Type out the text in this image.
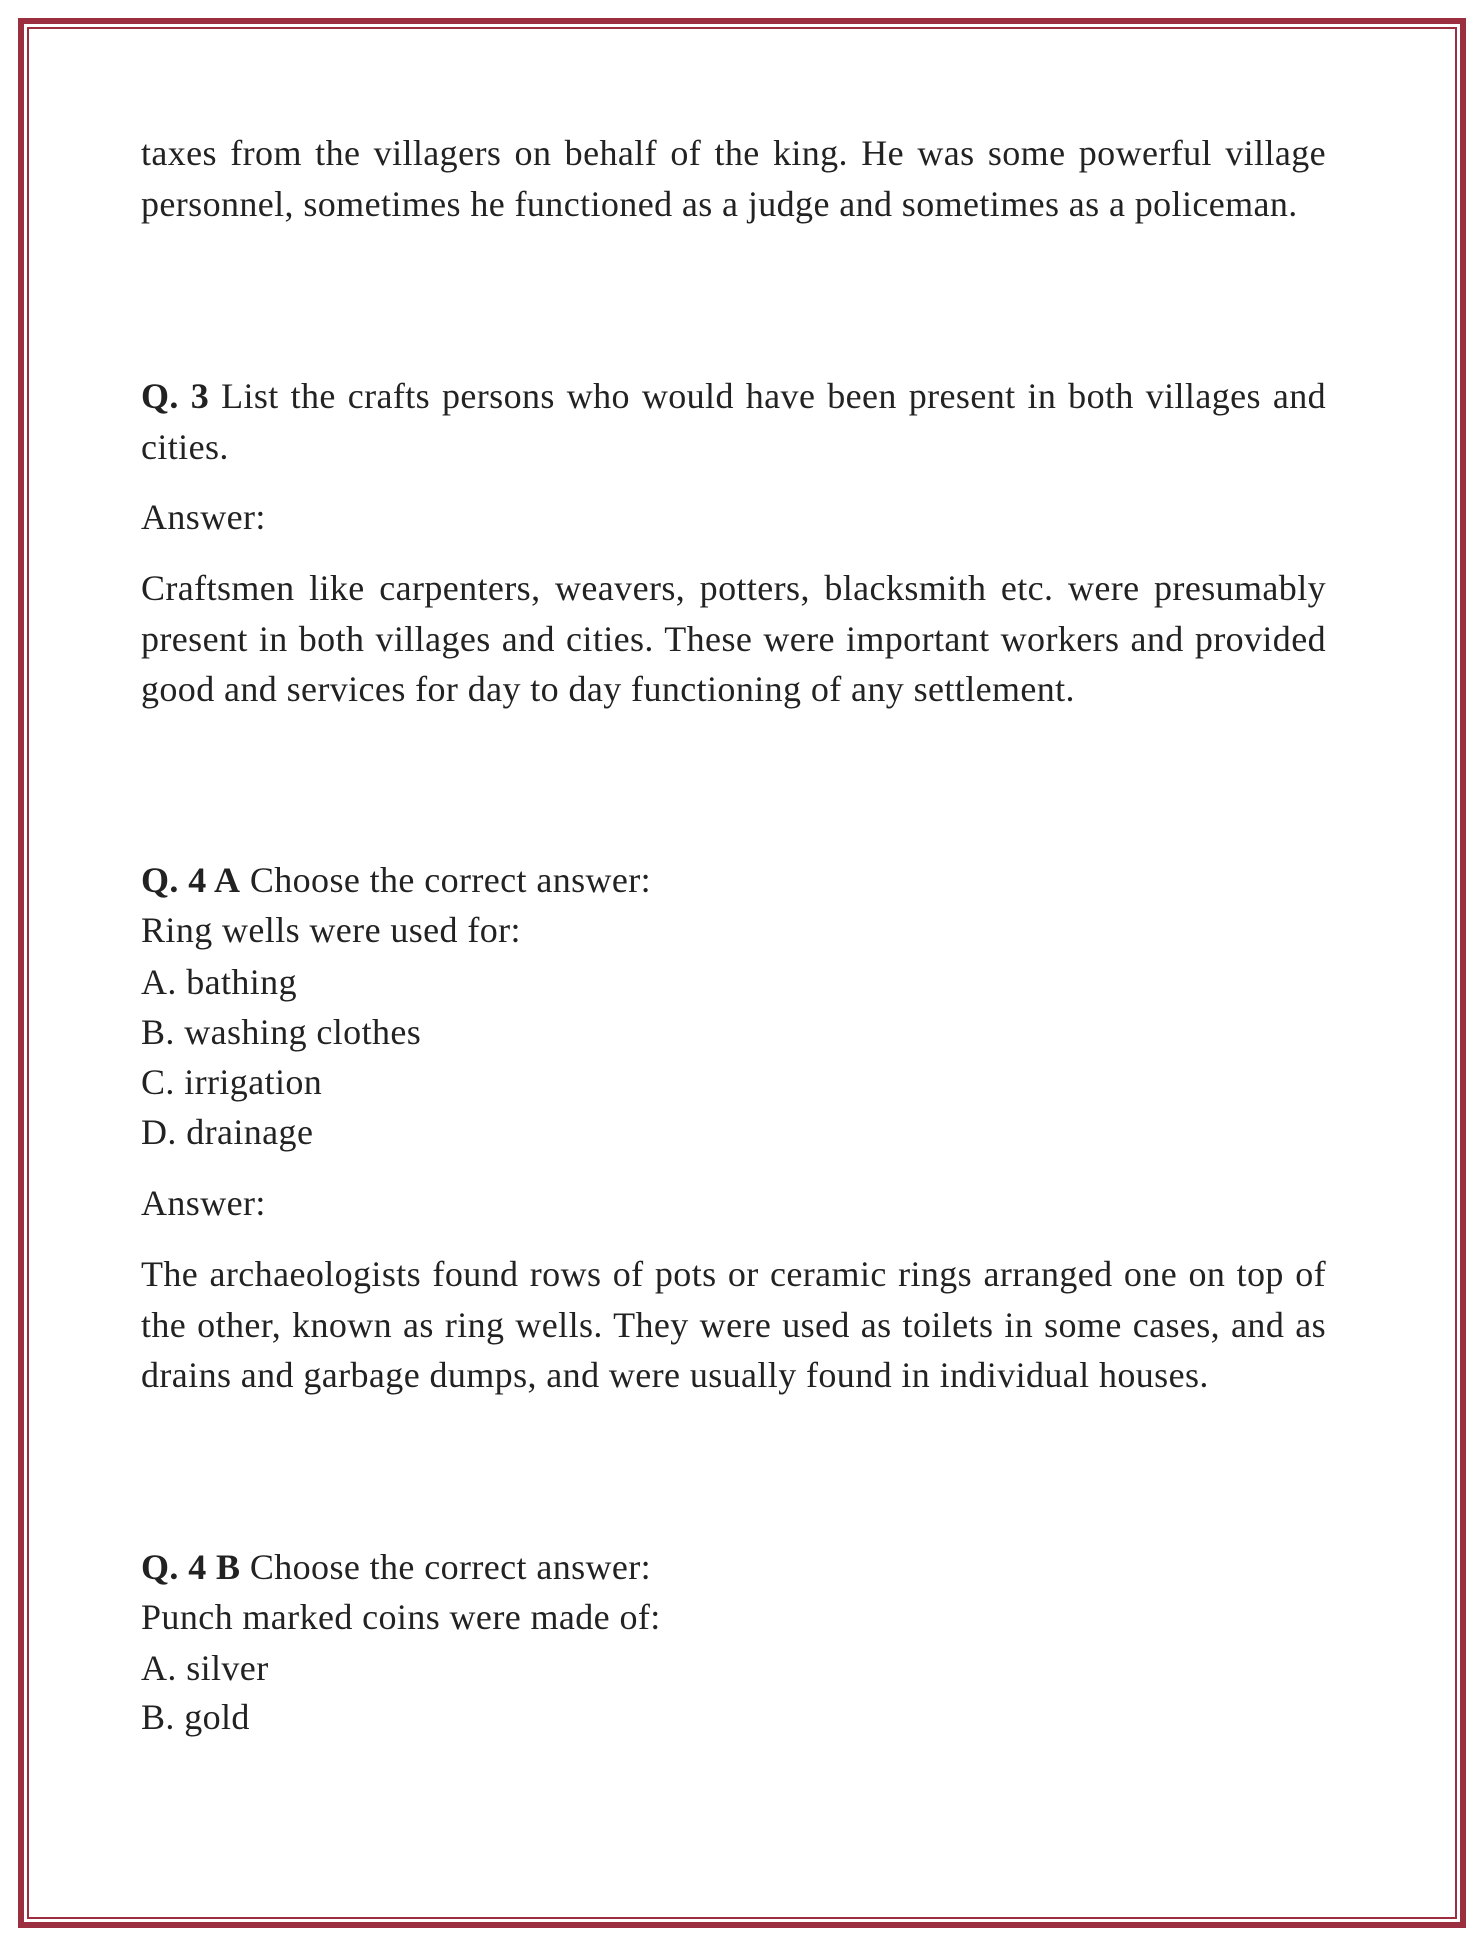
taxes from the villagers on behalf of the king. He was some powerful village personnel, sometimes he functioned as a judge and sometimes as a policeman.
Q. 3 List the crafts persons who would have been present in both villages and cities.
Answer:
Craftsmen like carpenters, weavers, potters, blacksmith etc. were presumably present in both villages and cities. These were important workers and provided good and services for day to day functioning of any settlement.
Q. 4 A Choose the correct answer:
Ring wells were used for:
A. bathing
B. washing clothes
C. irrigation
D. drainage
Answer:
The archaeologists found rows of pots or ceramic rings arranged one on top of the other, known as ring wells. They were used as toilets in some cases, and as drains and garbage dumps, and were usually found in individual houses.
Q. 4 B Choose the correct answer:
Punch marked coins were made of:
A. silver
B. gold
